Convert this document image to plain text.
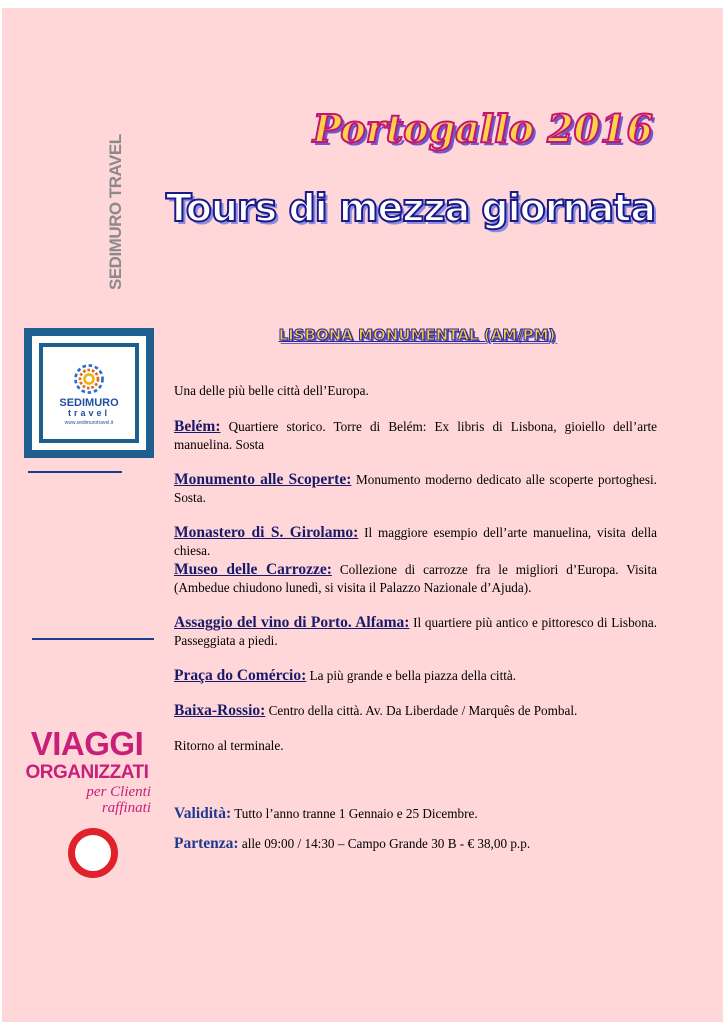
SEDIMURO TRAVEL
Portogallo 2016
Tours di mezza giornata
SEDIMURO
travel
www.sedimurotravel.it
VIAGGI
ORGANIZZATI
per Clienti
raffinati
LISBONA MONUMENTAL (AM/PM)

Una delle più belle città dell’Europa.

Belém: Quartiere storico. Torre di Belém: Ex libris di Lisbona, gioiello dell’arte manuelina. Sosta

Monumento alle Scoperte: Monumento moderno dedicato alle scoperte portoghesi. Sosta.

Monastero di S. Girolamo: Il maggiore esempio dell’arte manuelina, visita della chiesa.

Museo delle Carrozze: Collezione di carrozze fra le migliori d’Europa. Visita (Ambedue chiudono lunedì, si visita il Palazzo Nazionale d’Ajuda).

Assaggio del vino di Porto. Alfama: Il quartiere più antico e pittoresco di Lisbona. Passeggiata a piedi.

Praça do Comércio: La più grande e bella piazza della città.

Baixa-Rossio: Centro della città. Av. Da Liberdade / Marquês de Pombal.

Ritorno al terminale.

Validità: Tutto l’anno tranne 1 Gennaio e 25 Dicembre.

Partenza: alle 09:00 / 14:30 – Campo Grande 30 B - € 38,00 p.p.
